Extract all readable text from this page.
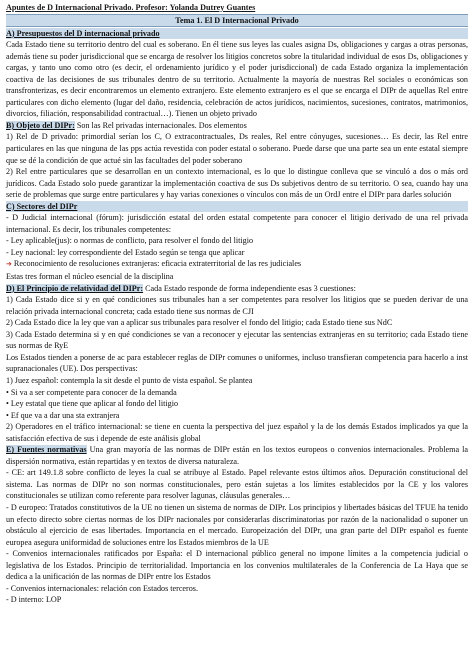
Apuntes de D Internacional Privado. Profesor: Yolanda Dutrey Guantes
Tema 1. El D Internacional Privado
A) Presupuestos del D internacional privado

Cada Estado tiene su territorio dentro del cual es soberano. En él tiene sus leyes las cuales asigna Ds, obligaciones y cargas a otras personas, además tiene su poder jurisdiccional que se encarga de resolver los litigios concretos sobre la titularidad individual de esos Ds, obligaciones y cargas, y tanto uno como otro (es decir, el ordenamiento jurídico y el poder jurisdiccional) de cada Estado organiza la implementación coactiva de las decisiones de sus tribunales dentro de su territorio. Actualmente la mayoría de nuestras Rel sociales o económicas son transfronterizas, es decir encontraremos un elemento extranjero. Este elemento extranjero es el que se encarga el DIPr de aquellas Rel entre particulares con dicho elemento (lugar del daño, residencia, celebración de actos jurídicos, nacimientos, sucesiones, contratos, matrimonios, divorcios, filiación, responsabilidad contractual…). Tienen un objeto privado

B) Objeto del DIPr: Son las Rel privadas internacionales. Dos elementos

1) Rel de D privado: primordial serían los C, O extracontractuales, Ds reales, Rel entre cónyuges, sucesiones… Es decir, las Rel entre particulares en las que ninguna de las pps actúa revestida con poder estatal o soberano. Puede darse que una parte sea un ente estatal siempre que se dé la condición de que actué sin las facultades del poder soberano

2) Rel entre particulares que se desarrollan en un contexto internacional, es lo que lo distingue conlleva que se vinculó a dos o más ord jurídicos. Cada Estado solo puede garantizar la implementación coactiva de sus Ds subjetivos dentro de su territorio. O sea, cuando hay una serie de problemas que surge entre particulares y hay varias conexiones o vínculos con más de un OrdJ entre el DIPr para darles solución

C) Sectores del DIPr

- D Judicial internacional (fórum): jurisdicción estatal del orden estatal competente para conocer el litigio derivado de una rel privada internacional. Es decir, los tribunales competentes:

- Ley aplicable(jus): o normas de conflicto, para resolver el fondo del litigio

- Ley nacional: ley correspondiente del Estado según se tenga que aplicar

➜ Reconocimiento de resoluciones extranjeras: eficacia extraterritorial de las res judiciales

Estas tres forman el núcleo esencial de la disciplina

D) El Principio de relatividad del DIPr: Cada Estado responde de forma independiente esas 3 cuestiones:

1) Cada Estado dice si y en qué condiciones sus tribunales han a ser competentes para resolver los litigios que se pueden derivar de una relación privada internacional concreta; cada estado tiene sus normas de CJI

2) Cada Estado dice la ley que van a aplicar sus tribunales para resolver el fondo del litigio; cada Estado tiene sus NdC

3) Cada Estado determina si y en qué condiciones se van a reconocer y ejecutar las sentencias extranjeras en su territorio; cada Estado tiene sus normas de RyE

Los Estados tienden a ponerse de ac para establecer reglas de DIPr comunes o uniformes, incluso transfieran competencia para hacerlo a inst supranacionales (UE). Dos perspectivas:

1) Juez español: contempla la sit desde el punto de vista español. Se plantea

• Si va a ser competente para conocer de la demanda

• Ley estatal que tiene que aplicar al fondo del litigio

• Ef que va a dar una sta extranjera

2) Operadores en el tráfico internacional: se tiene en cuenta la perspectiva del juez español y la de los demás Estados implicados ya que la satisfacción efectiva de sus i depende de este análisis global

E) Fuentes normativas Una gran mayoría de las normas de DIPr están en los textos europeos o convenios internacionales. Problema la dispersión normativa, están repartidas y en textos de diversa naturaleza.

- CE: art 149.1.8 sobre conflicto de leyes la cual se atribuye al Estado. Papel relevante estos últimos años. Depuración constitucional del sistema. Las normas de DIPr no son normas constitucionales, pero están sujetas a los límites establecidos por la CE y los valores constitucionales se utilizan como referente para resolver lagunas, cláusulas generales…

- D europeo: Tratados constitutivos de la UE no tienen un sistema de normas de DIPr. Los principios y libertades básicas del TFUE ha tenido un efecto directo sobre ciertas normas de los DIPr nacionales por considerarlas discriminatorias por razón de la nacionalidad o suponer un obstáculo al ejercicio de esas libertades. Importancia en el mercado. Europeización del DIPr, una gran parte del DIPr español es fuente europea asegura uniformidad de soluciones entre los Estados miembros de la UE

- Convenios internacionales ratificados por España: el D internacional público general no impone límites a la competencia judicial o legislativa de los Estados. Principio de territorialidad. Importancia en los convenios multilaterales de la Conferencia de La Haya que se dedica a la unificación de las normas de DIPr entre los Estados

- Convenios internacionales: relación con Estados terceros.

- D interno: LOP
